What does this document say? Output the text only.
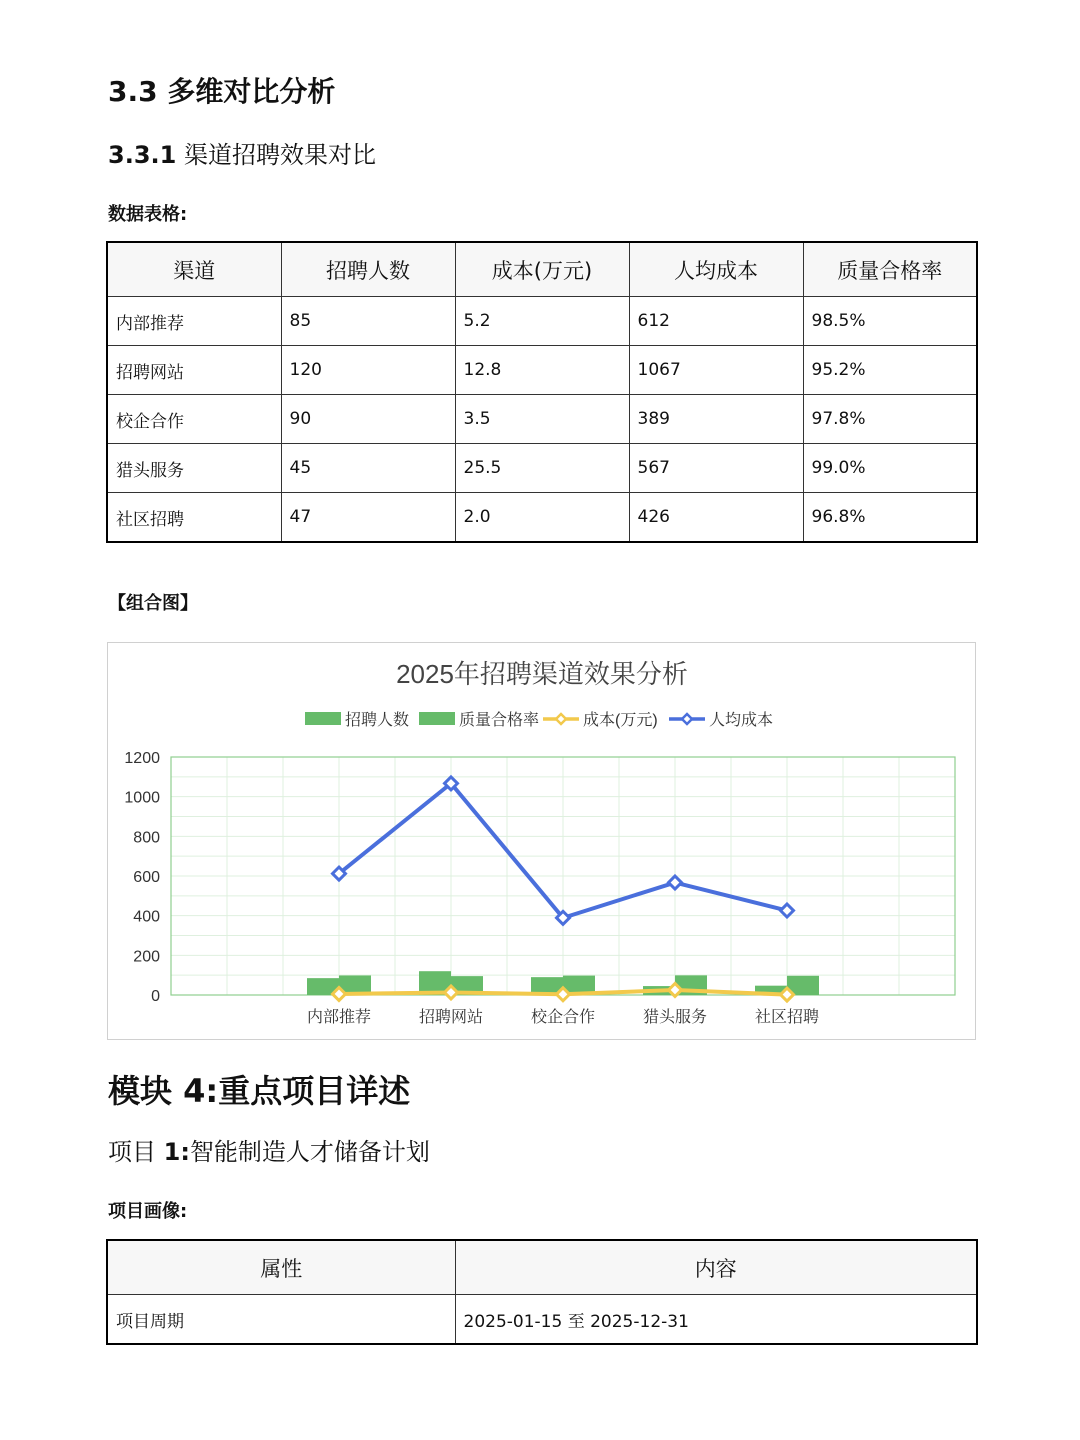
3.3 多维对比分析
3.3.1 渠道招聘效果对比

数据表格:

渠道	招聘人数	成本(万元)	人均成本	质量合格率
内部推荐	85	5.2	612	98.5%
招聘网站	120	12.8	1067	95.2%
校企合作	90	3.5	389	97.8%
猎头服务	45	25.5	567	99.0%
社区招聘	47	2.0	426	96.8%

【组合图】

2025年招聘渠道效果分析
招聘人数	质量合格率	成本(万元)	人均成本
0
200
400
600
800
1000
1200
内部推荐	招聘网站	校企合作	猎头服务	社区招聘
模块 4:重点项目详述
项目 1:智能制造人才储备计划

项目画像:

属性	内容
项目周期	2025-01-15 至 2025-12-31
